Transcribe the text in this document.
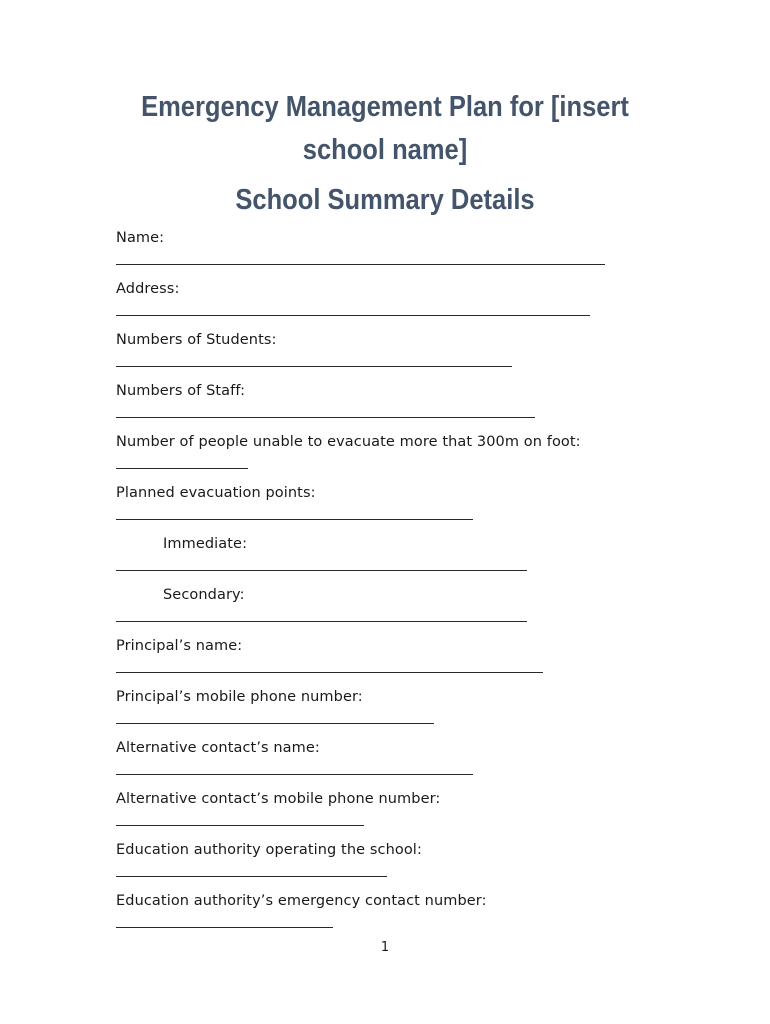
Emergency Management Plan for [insert school name]
School Summary Details
Name:
Address:
Numbers of Students:
Numbers of Staff:
Number of people unable to evacuate more that 300m on foot:
Planned evacuation points:
Immediate:
Secondary:
Principal’s name:
Principal’s mobile phone number:
Alternative contact’s name:
Alternative contact’s mobile phone number:
Education authority operating the school:
Education authority’s emergency contact number:
1
